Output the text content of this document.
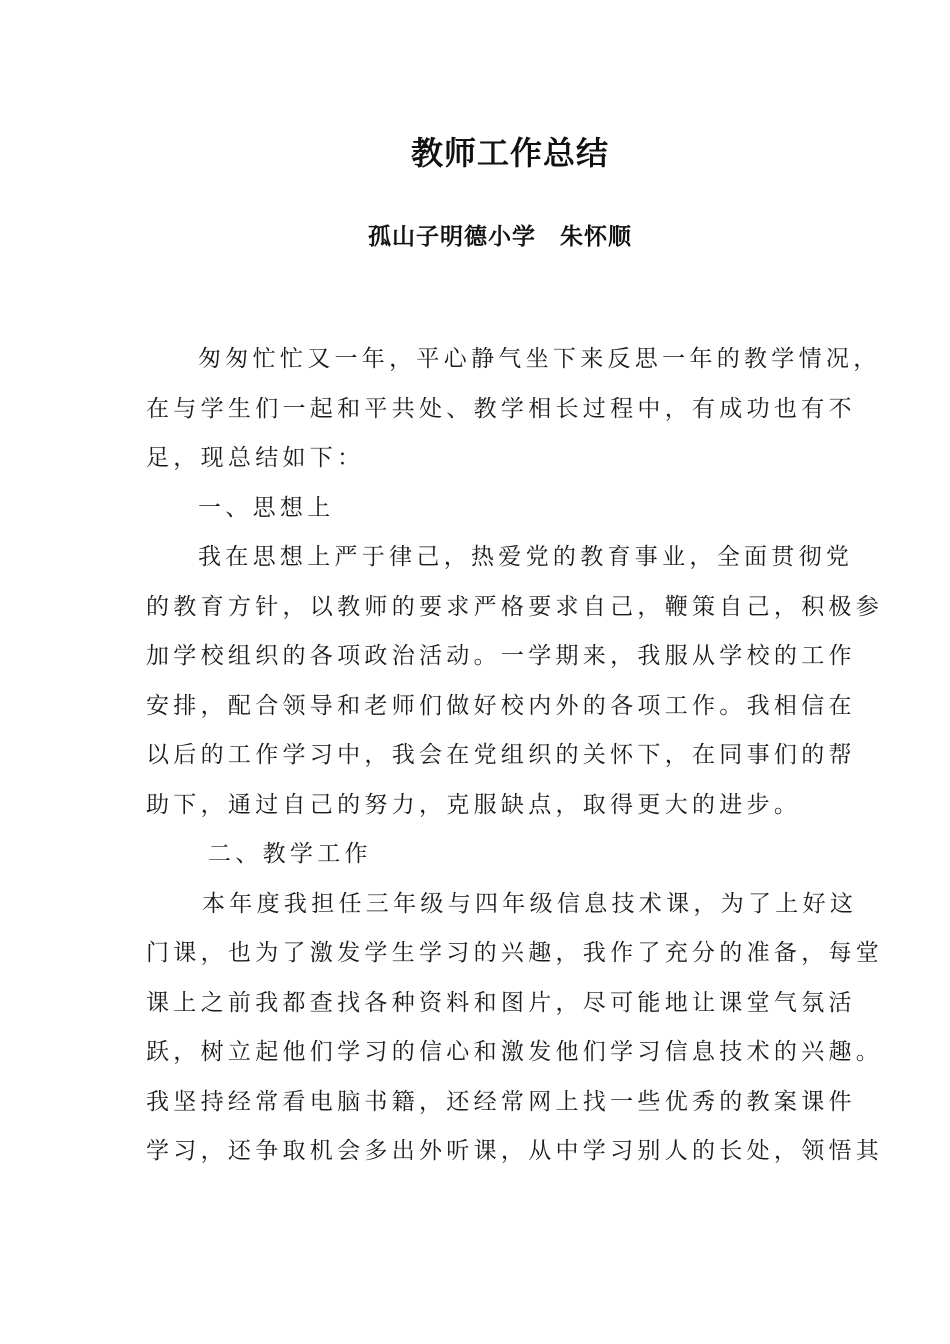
教师工作总结
孤山子明德小学 朱怀顺
匆匆忙忙又一年，平心静气坐下来反思一年的教学情况，
在与学生们一起和平共处、教学相长过程中，有成功也有不
足，现总结如下：
一、思想上
我在思想上严于律己，热爱党的教育事业，全面贯彻党
的教育方针，以教师的要求严格要求自己，鞭策自己，积极参
加学校组织的各项政治活动。一学期来，我服从学校的工作
安排，配合领导和老师们做好校内外的各项工作。我相信在
以后的工作学习中，我会在党组织的关怀下，在同事们的帮
助下，通过自己的努力，克服缺点，取得更大的进步。
二、教学工作
本年度我担任三年级与四年级信息技术课，为了上好这
门课，也为了激发学生学习的兴趣，我作了充分的准备，每堂
课上之前我都查找各种资料和图片，尽可能地让课堂气氛活
跃，树立起他们学习的信心和激发他们学习信息技术的兴趣。
我坚持经常看电脑书籍，还经常网上找一些优秀的教案课件
学习，还争取机会多出外听课，从中学习别人的长处，领悟其
